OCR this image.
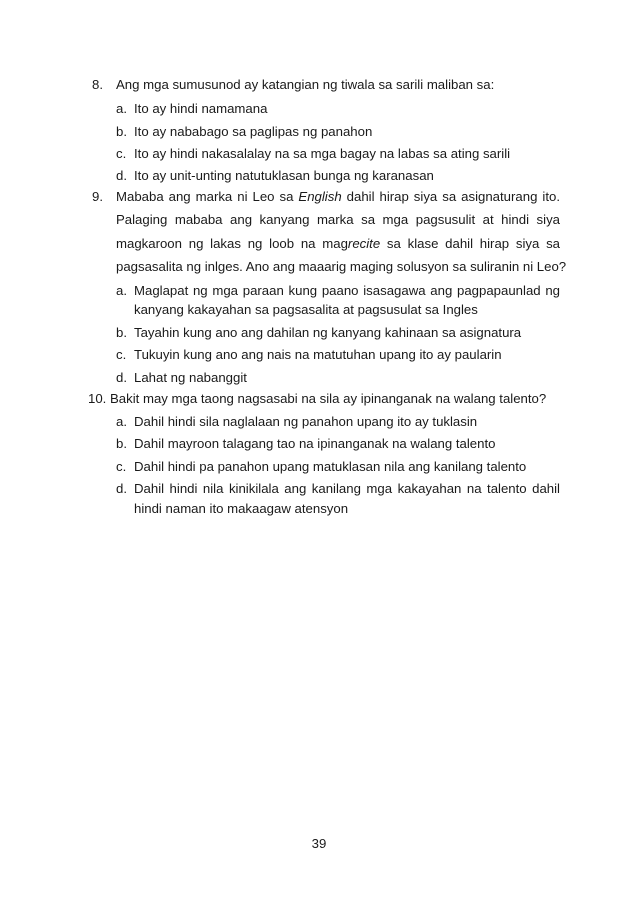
8. Ang mga sumusunod ay katangian ng tiwala sa sarili maliban sa:
a. Ito ay hindi namamana
b. Ito ay nababago sa paglipas ng panahon
c. Ito ay hindi nakasalalay na sa mga bagay na labas sa ating sarili
d. Ito ay unit-unting natutuklasan bunga ng karanasan
9. Mababa ang marka ni Leo sa English dahil hirap siya sa asignaturang ito.
Palaging mababa ang kanyang marka sa mga pagsusulit at hindi siya
magkaroon ng lakas ng loob na magrecite sa klase dahil hirap siya sa
pagsasalita ng inlges. Ano ang maaarig maging solusyon sa suliranin ni Leo?
a. Maglapat ng mga paraan kung paano isasagawa ang pagpapaunlad ng
kanyang kakayahan sa pagsasalita at pagsusulat sa Ingles
b. Tayahin kung ano ang dahilan ng kanyang kahinaan sa asignatura
c. Tukuyin kung ano ang nais na matutuhan upang ito ay paularin
d. Lahat ng nabanggit
10. Bakit may mga taong nagsasabi na sila ay ipinanganak na walang talento?
a. Dahil hindi sila naglalaan ng panahon upang ito ay tuklasin
b. Dahil mayroon talagang tao na ipinanganak na walang talento
c. Dahil hindi pa panahon upang matuklasan nila ang kanilang talento
d. Dahil hindi nila kinikilala ang kanilang mga kakayahan na talento dahil
hindi naman ito makaagaw atensyon
39
